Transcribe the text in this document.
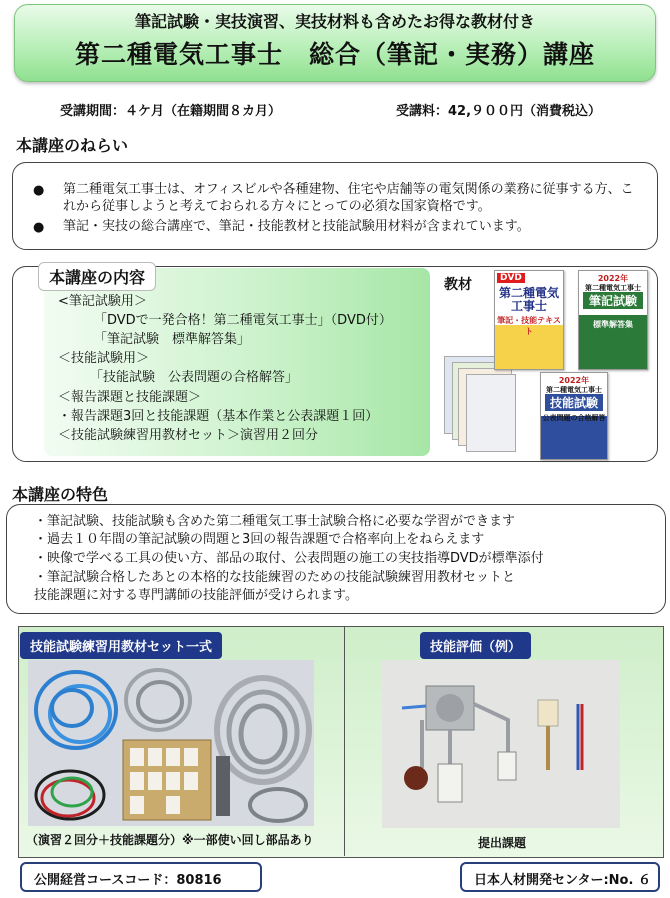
筆記試験・実技演習、実技材料も含めたお得な教材付き
第二種電気工事士　総合（筆記・実務）講座
受講期間：４ケ月（在籍期間８カ月）	受講料：42,９００円（消費税込）
本講座のねらい
● 第二種電気工事士は、オフィスビルや各種建物、住宅や店舗等の電気関係の業務に従事する方、これから従事しようと考えておられる方々にとっての必須な国家資格です。
● 筆記・実技の総合講座で、筆記・技能教材と技能試験用材料が含まれています。
本講座の内容
<筆記試験用＞
「DVDで一発合格！第二種電気工事士」（DVD付）
「筆記試験　標準解答集」
＜技能試験用＞
「技能試験　公表問題の合格解答」
＜報告課題と技能課題＞
・報告課題3回と技能課題（基本作業と公表課題１回）
＜技能試験練習用教材セット＞演習用２回分
教材	DVD
第二種電気工事士
筆記・技能テキスト
2022年
第二種電気工事士
筆記試験
標準解答集
2022年
第二種電気工事士
技能試験
公表問題の合格解答
本講座の特色
・筆記試験、技能試験も含めた第二種電気工事士試験合格に必要な学習ができます
・過去１０年間の筆記試験の問題と3回の報告課題で合格率向上をねらえます
・映像で学べる工具の使い方、部品の取付、公表問題の施工の実技指導DVDが標準添付
・筆記試験合格したあとの本格的な技能練習のための技能試験練習用教材セットと
技能課題に対する専門講師の技能評価が受けられます。
技能試験練習用教材セット一式	技能評価（例）
（演習２回分＋技能課題分）※一部使い回し部品あり	提出課題
公開経営コースコード：80816	日本人材開発センター:No. ６
